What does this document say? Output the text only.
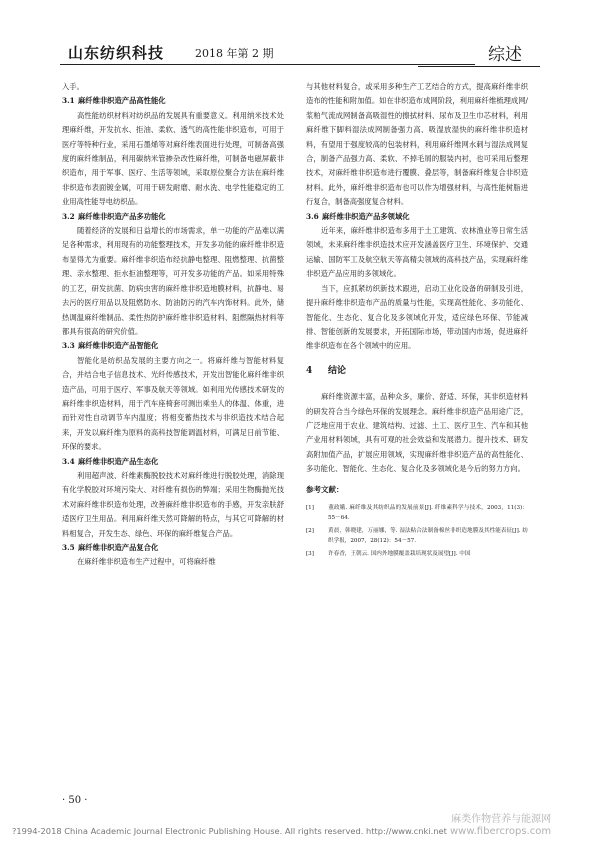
山东纺织科技	2018 年第 2 期	综述

入手。

3.1 麻纤维非织造产品高性能化

高性能纺织材料对纺织品的发展具有重要意义。利用纳米技术处理麻纤维，开发抗水、拒油、柔软、透气的高性能非织造布，可用于医疗等特种行业，采用石墨烯等对麻纤维表面进行处理，可制备高强度的麻纤维制品，利用碳纳米管掺杂改性麻纤维，可制备电磁屏蔽非织造布，用于军事、医疗、生活等领域，采取原位聚合方法在麻纤维非织造布表面镀金属，可用于研发耐磨、耐水洗、电学性能稳定的工业用高性能导电纺织品。

3.2 麻纤维非织造产品多功能化

随着经济的发展和日益增长的市场需求，单一功能的产品难以满足各种需求，利用现有的功能整理技术，开发多功能的麻纤维非织造布显得尤为重要。麻纤维非织造布经抗静电整理、阻燃整理、抗菌整理、亲水整理、拒水拒油整理等，可开发多功能的产品。如采用特殊的工艺，研发抗菌、防病虫害的麻纤维非织造地膜材料，抗静电、易去污的医疗用品以及阻燃防水、防油防污的汽车内饰材料。此外，储热调温麻纤维制品、柔性热防护麻纤维非织造材料、阻燃隔热材料等都具有很高的研究价值。

3.3 麻纤维非织造产品智能化

智能化是纺织品发展的主要方向之一。将麻纤维与智能材料复合，并结合电子信息技术、光纤传感技术，开发出智能化麻纤维非织造产品，可用于医疗、军事及航天等领域。如利用光传感技术研发的麻纤维非织造材料，用于汽车座椅套可测出乘坐人的体温、体重，进而针对性自动调节车内温度；将相变蓄热技术与非织造技术结合起来，开发以麻纤维为原料的高科技智能调温材料，可满足日前节能、环保的要求。

3.4 麻纤维非织造产品生态化

利用超声波、纤维素酶脱胶技术对麻纤维进行脱胶处理，消除现有化学脱胶对环境污染大、对纤维有损伤的弊端；采用生物酶抛光技术对麻纤维非织造布处理，改善麻纤维非织造布的手感，开发亲肤舒适医疗卫生用品。利用麻纤维天然可降解的特点，与其它可降解的材料相复合，开发生态、绿色、环保的麻纤维复合产品。

3.5 麻纤维非织造产品复合化

在麻纤维非织造布生产过程中，可将麻纤维

与其他材料复合，或采用多种生产工艺结合的方式，提高麻纤维非织造布的性能和附加值。如在非织造布成网阶段，利用麻纤维梳理成网/浆粕气流成网制备高吸湿性的擦拭材料、尿布及卫生巾芯材料，利用麻纤维下脚料湿法成网制备强力高、吸湿放湿快的麻纤维非织造材料，有望用于强度较高的包装材料，利用麻纤维网水刺与湿法成网复合，制备产品强力高、柔软、不掉毛屑的服装内衬，也可采用后整理技术，对麻纤维非织造布进行覆膜、叠层等，制备麻纤维复合非织造材料。此外，麻纤维非织造布也可以作为增强材料，与高性能树脂进行复合，制备高强度复合材料。

3.6 麻纤维非织造产品多领域化

近年来，麻纤维非织造布多用于土工建筑、农林渔业等日常生活领域，未来麻纤维非织造技术应开发涵盖医疗卫生、环境保护、交通运输、国防军工及航空航天等高精尖领域的高科技产品，实现麻纤维非织造产品应用的多领域化。

当下，应抓紧纺织新技术跟进，启动工业化设备的研制及引进，提升麻纤维非织造布产品的质量与性能，实现高性能化、多功能化、智能化、生态化、复合化及多领域化开发，适应绿色环保、节能减排、智能创新的发展要求，开拓国际市场，带动国内市场，促进麻纤维非织造布在各个领域中的应用。

4 结论

麻纤维资源丰富，品种众多，廉价、舒适、环保，其非织造材料的研发符合当今绿色环保的发展理念。麻纤维非织造产品用途广泛，广泛地应用于农业、建筑结构、过滤、土工、医疗卫生、汽车和其他产业用材料领域，具有可观的社会效益和发展潜力。提升技术、研发高附加值产品，扩展应用领域，实现麻纤维非织造产品的高性能化、多功能化、智能化、生态化、复合化及多领域化是今后的努力方向。

参考文献：
[1]	董政娥. 麻纤维及其纺织品的发展前景[J]. 纤维素科学与技术，2003，11(3)：55－64.
[2]	黄晨，韩晓建，万丽娜，等. 湿法粘合法制备棉丝非织造地膜及其性能表征[J]. 纺织学报，2007，28(12)：54－57.
[3]	许春香，王朝云. 国内外地膜覆盖栽培现状及展望[J]. 中国
· 50 ·
?1994-2018 China Academic Journal Electronic Publishing House. All rights reserved. http://www.cnki.net
麻类作物营养与能源网
www.fibercrops.com
